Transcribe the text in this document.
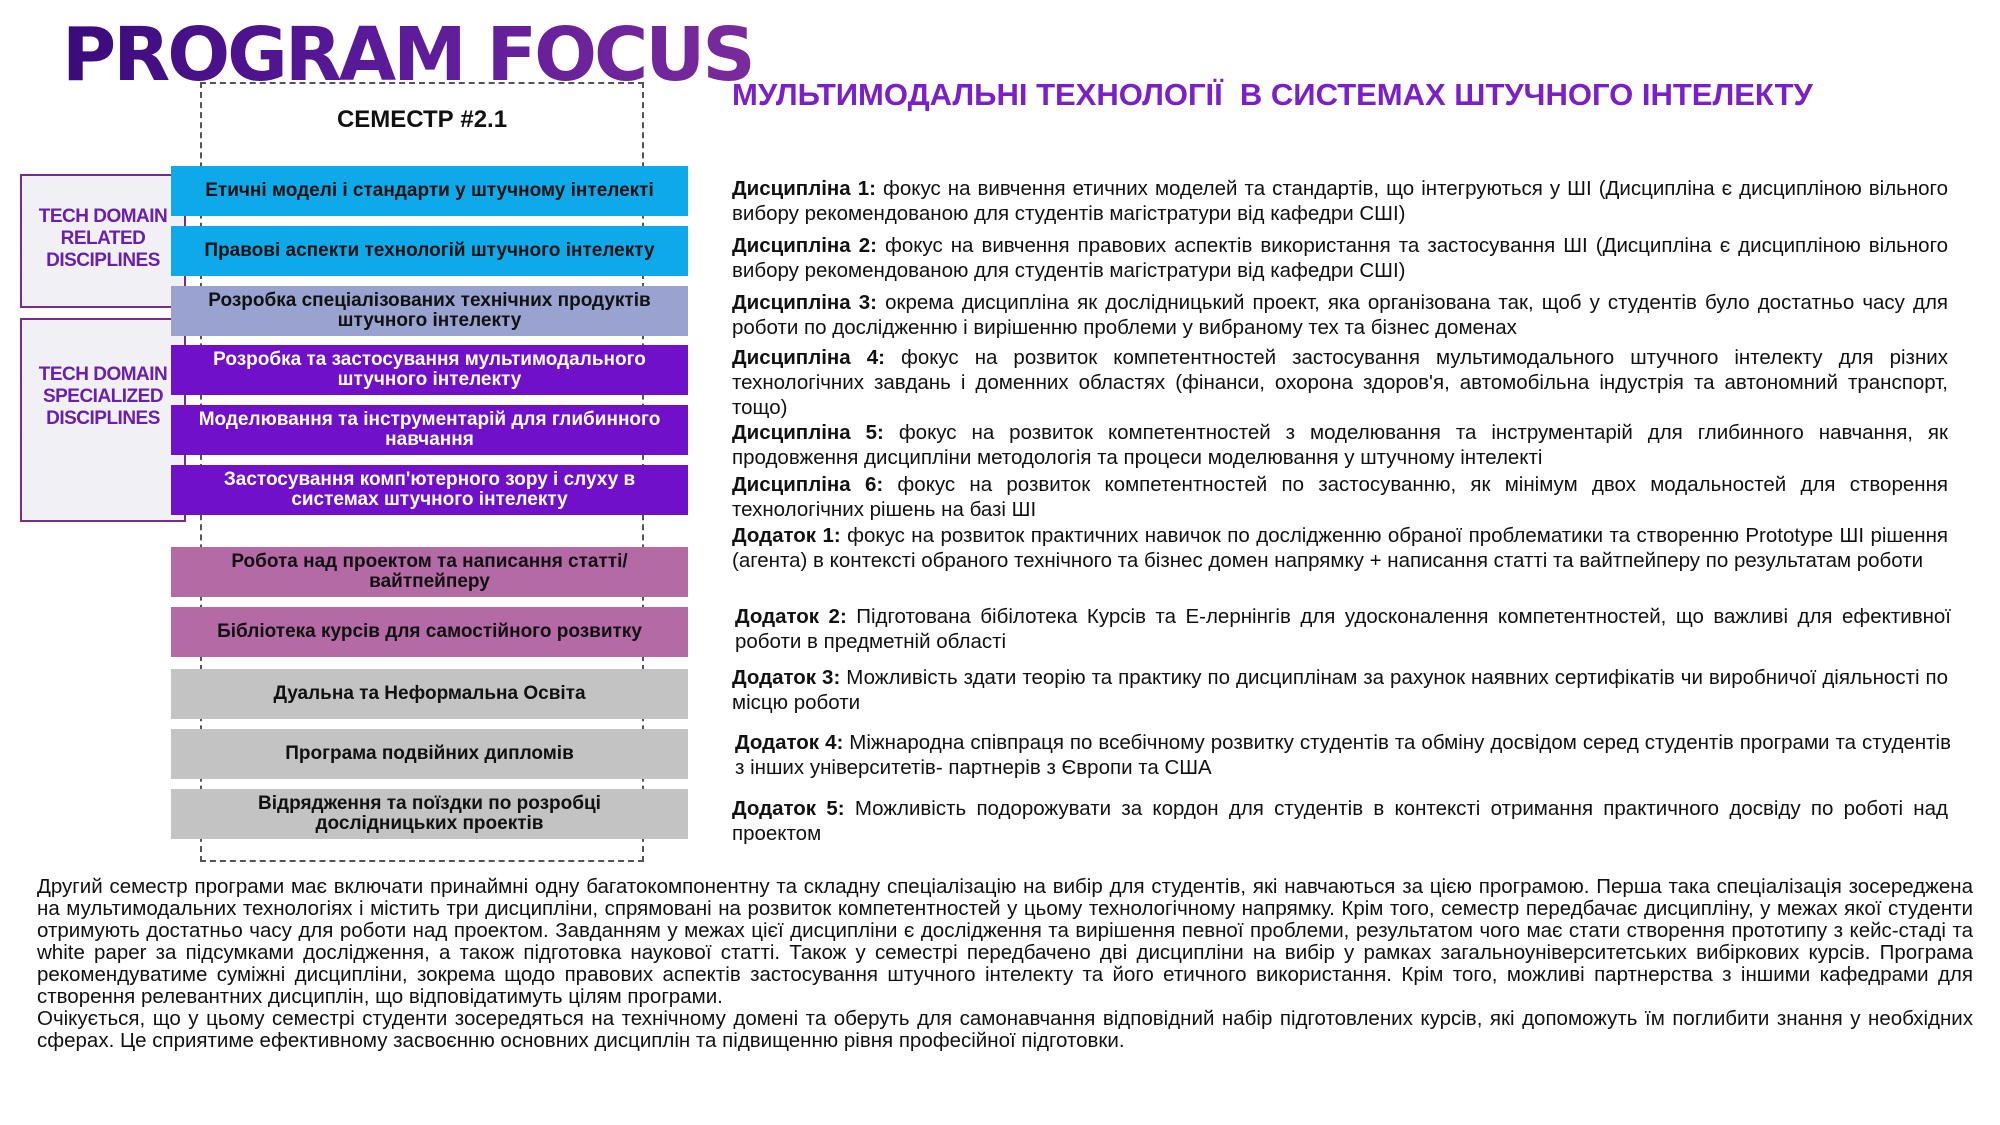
PROGRAM FOCUS
МУЛЬТИМОДАЛЬНІ ТЕХНОЛОГІЇ  В СИСТЕМАХ ШТУЧНОГО ІНТЕЛЕКТУ
СЕМЕСТР #2.1
TECH DOMAIN RELATED DISCIPLINES
TECH DOMAIN SPECIALIZED DISCIPLINES
Етичні моделі і стандарти у штучному інтелекті
Правові аспекти технологій штучного інтелекту
Розробка спеціалізованих технічних продуктів штучного інтелекту
Розробка та застосування мультимодального штучного інтелекту
Моделювання та інструментарій для глибинного навчання
Застосування комп'ютерного зору і слуху в системах штучного інтелекту
Робота над проектом та написання статті/вайтпейперу
Бібліотека курсів для самостійного розвитку
Дуальна та Неформальна Освіта
Програма подвійних дипломів
Відрядження та поїздки по розробці дослідницьких проектів

Дисципліна 1: фокус на вивчення етичних моделей та стандартів, що інтегруються у ШІ (Дисципліна є дисципліною вільного вибору рекомендованою для студентів магістратури від кафедри СШІ)

Дисципліна 2: фокус на вивчення правових аспектів використання та застосування ШІ (Дисципліна є дисципліною вільного вибору рекомендованою для студентів магістратури від кафедри СШІ)

Дисципліна 3: окрема дисципліна як дослідницький проект, яка організована так, щоб у студентів було достатньо часу для роботи по дослідженню і вирішенню проблеми у вибраному тех та бізнес доменах

Дисципліна 4: фокус на розвиток компетентностей застосування мультимодального штучного інтелекту для різних технологічних завдань і доменних областях (фінанси, охорона здоров'я, автомобільна індустрія та автономний транспорт, тощо)

Дисципліна 5: фокус на розвиток компетентностей з моделювання та інструментарій для глибинного навчання, як продовження дисципліни методологія та процеси моделювання у штучному інтелекті

Дисципліна 6: фокус на розвиток компетентностей по застосуванню, як мінімум двох модальностей для створення технологічних рішень на базі ШІ

Додаток 1: фокус на розвиток практичних навичок по дослідженню обраної проблематики та створенню Prototype ШІ рішення (агента) в контексті обраного технічного та бізнес домен напрямку + написання статті та вайтпейперу по результатам роботи

Додаток 2: Підготована бібілотека Курсів та Е-лернінгів для удосконалення компетентностей, що важливі для ефективної роботи в предметній області

Додаток 3: Можливість здати теорію та практику по дисциплінам за рахунок наявних сертифікатів чи виробничої діяльності по місцю роботи

Додаток 4: Міжнародна співпраця по всебічному розвитку студентів та обміну досвідом серед студентів програми та студентів з інших університетів- партнерів з Європи та США

Додаток 5: Можливість подорожувати за кордон для студентів в контексті отримання практичного досвіду по роботі над проектом

Другий семестр програми має включати принаймні одну багатокомпонентну та складну спеціалізацію на вибір для студентів, які навчаються за цією програмою. Перша така спеціалізація зосереджена на мультимодальних технологіях і містить три дисципліни, спрямовані на розвиток компетентностей у цьому технологічному напрямку. Крім того, семестр передбачає дисципліну, у межах якої студенти отримують достатньо часу для роботи над проектом. Завданням у межах цієї дисципліни є дослідження та вирішення певної проблеми, результатом чого має стати створення прототипу з кейс-стаді та white paper за підсумками дослідження, а також підготовка наукової статті. Також у семестрі передбачено дві дисципліни на вибір у рамках загальноуніверситетських вибіркових курсів. Програма рекомендуватиме суміжні дисципліни, зокрема щодо правових аспектів застосування штучного інтелекту та його етичного використання. Крім того, можливі партнерства з іншими кафедрами для створення релевантних дисциплін, що відповідатимуть цілям програми.

Очікується, що у цьому семестрі студенти зосередяться на технічному домені та оберуть для самонавчання відповідний набір підготовлених курсів, які допоможуть їм поглибити знання у необхідних сферах. Це сприятиме ефективному засвоєнню основних дисциплін та підвищенню рівня професійної підготовки.
